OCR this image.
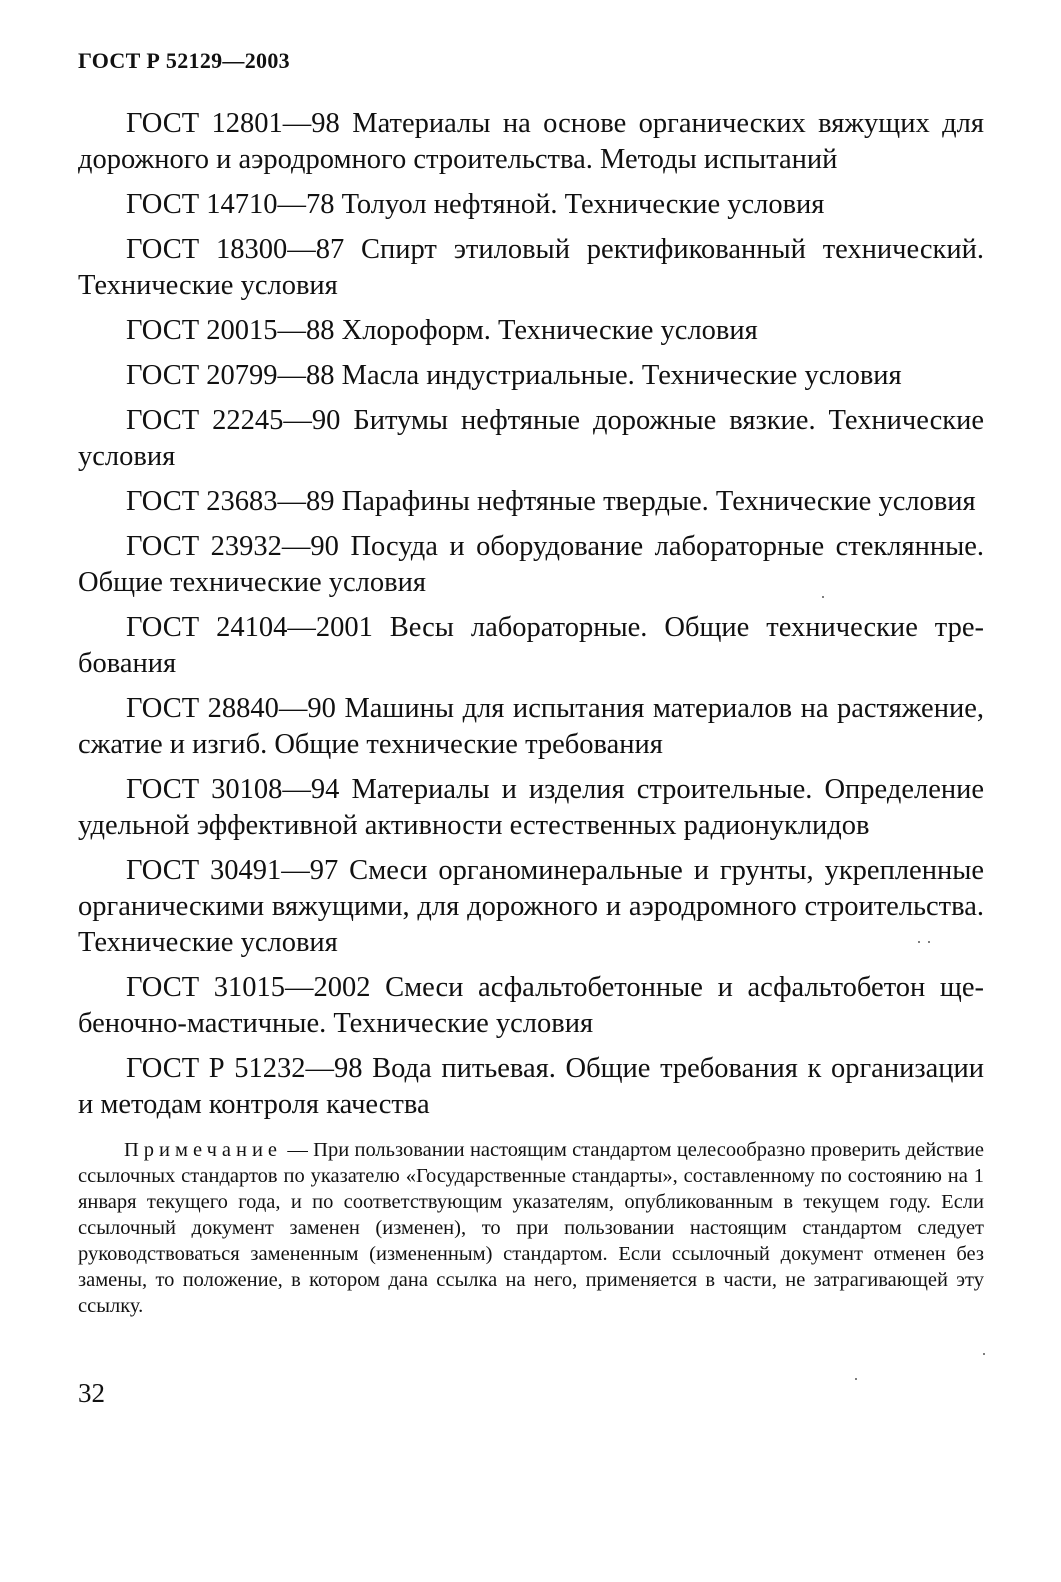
ГОСТ Р 52129—2003

ГОСТ 12801—98 Материалы на основе органических вяжущих для дорожного и аэродромного строительства. Методы испытаний

ГОСТ 14710—78 Толуол нефтяной. Технические условия

ГОСТ 18300—87 Спирт этиловый ректификованный технический. Технические условия

ГОСТ 20015—88 Хлороформ. Технические условия

ГОСТ 20799—88 Масла индустриальные. Технические условия

ГОСТ 22245—90 Битумы нефтяные дорожные вязкие. Технические условия

ГОСТ 23683—89 Парафины нефтяные твердые. Технические условия

ГОСТ 23932—90 Посуда и оборудование лабораторные стеклянные. Общие технические условия

ГОСТ 24104—2001 Весы лабораторные. Общие технические требования

ГОСТ 28840—90 Машины для испытания материалов на растяжение, сжатие и изгиб. Общие технические требования

ГОСТ 30108—94 Материалы и изделия строительные. Определение удельной эффективной активности естественных радионуклидов

ГОСТ 30491—97 Смеси органоминеральные и грунты, укрепленные органическими вяжущими, для дорожного и аэродромного строительства. Технические условия

ГОСТ 31015—2002 Смеси асфальтобетонные и асфальтобетон щебеночно-мастичные. Технические условия

ГОСТ Р 51232—98 Вода питьевая. Общие требования к организации и методам контроля качества

Примечание — При пользовании настоящим стандартом целесообразно проверить действие ссылочных стандартов по указателю «Государственные стандарты», составленному по состоянию на 1 января текущего года, и по соответствующим указателям, опубликованным в текущем году. Если ссылочный документ заменен (изменен), то при пользовании настоящим стандартом следует руководствоваться замененным (измененным) стандартом. Если ссылочный документ отменен без замены, то положение, в котором дана ссылка на него, применяется в части, не затрагивающей эту ссылку.
32
